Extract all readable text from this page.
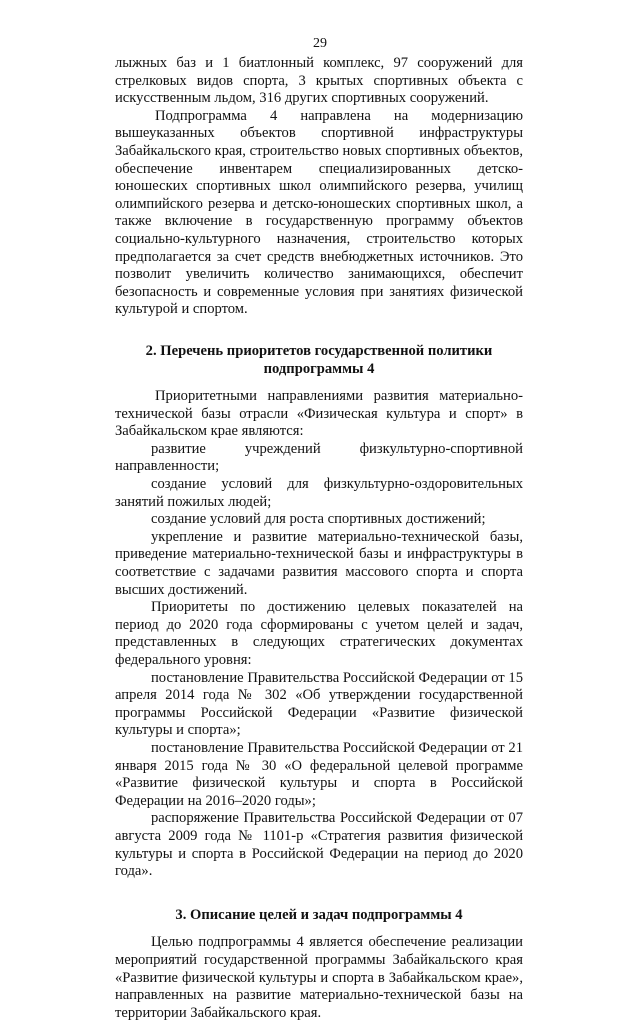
29

лыжных баз и 1 биатлонный комплекс, 97 сооружений для стрелковых видов спорта, 3 крытых спортивных объекта с искусственным льдом, 316 других спортивных сооружений.

Подпрограмма 4 направлена на модернизацию вышеуказанных объектов спортивной инфраструктуры Забайкальского края, строительство новых спортивных объектов, обеспечение инвентарем специализированных детско-юношеских спортивных школ олимпийского резерва, училищ олимпийского резерва и детско-юношеских спортивных школ, а также включение в государственную программу объектов социально-культурного назначения, строительство которых предполагается за счет средств внебюджетных источников. Это позволит увеличить количество занимающихся, обеспечит безопасность и современные условия при занятиях физической культурой и спортом.

2. Перечень приоритетов государственной политики подпрограммы 4

Приоритетными направлениями развития материально-технической базы отрасли «Физическая культура и спорт» в Забайкальском крае являются:

развитие учреждений физкультурно-спортивной направленности;

создание условий для физкультурно-оздоровительных занятий пожилых людей;

создание условий для роста спортивных достижений;

укрепление и развитие материально-технической базы, приведение материально-технической базы и инфраструктуры в соответствие с задачами развития массового спорта и спорта высших достижений.

Приоритеты по достижению целевых показателей на период до 2020 года сформированы с учетом целей и задач, представленных в следующих стратегических документах федерального уровня:

постановление Правительства Российской Федерации от 15 апреля 2014 года № 302 «Об утверждении государственной программы Российской Федерации «Развитие физической культуры и спорта»;

постановление Правительства Российской Федерации от 21 января 2015 года № 30 «О федеральной целевой программе «Развитие физической культуры и спорта в Российской Федерации на 2016–2020 годы»;

распоряжение Правительства Российской Федерации от 07 августа 2009 года № 1101-р «Стратегия развития физической культуры и спорта в Российской Федерации на период до 2020 года».

3. Описание целей и задач подпрограммы 4

Целью подпрограммы 4 является обеспечение реализации мероприятий государственной программы Забайкальского края «Развитие физической культуры и спорта в Забайкальском крае», направленных на развитие материально-технической базы на территории Забайкальского края.
